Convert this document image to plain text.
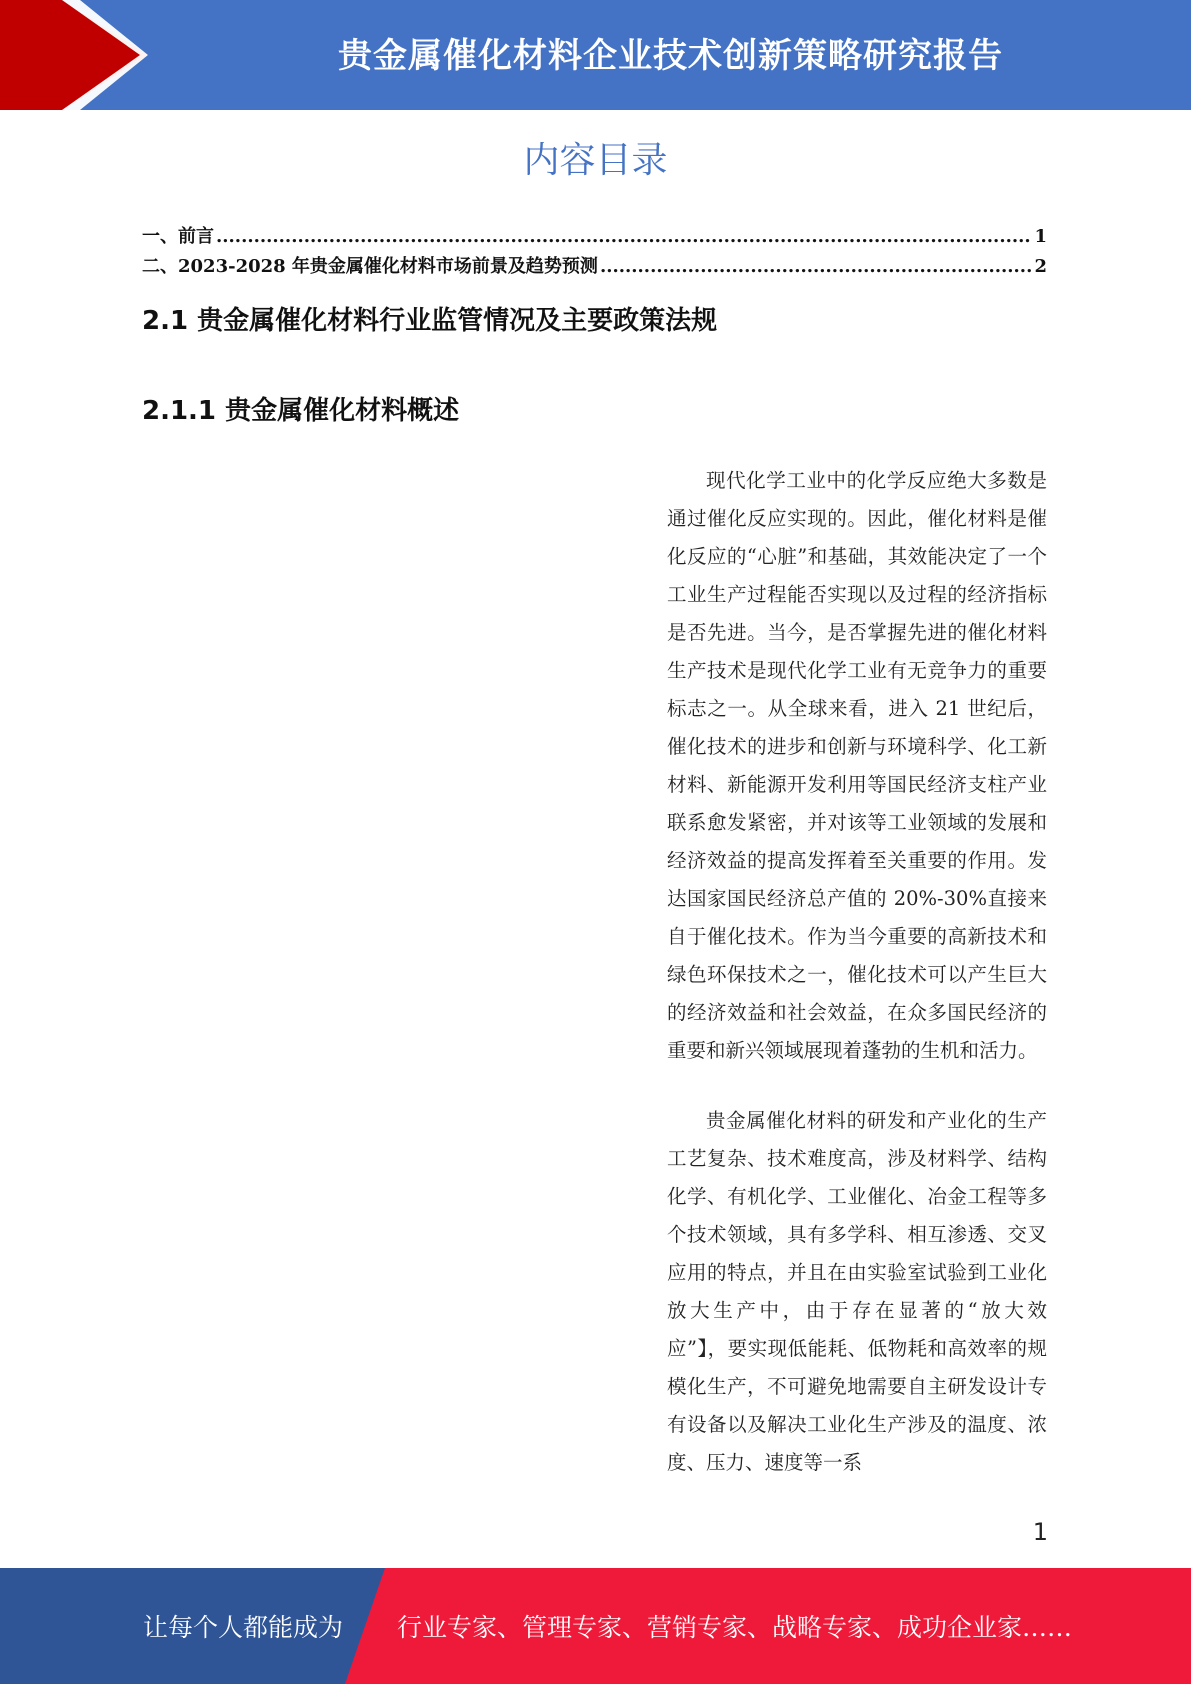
贵金属催化材料企业技术创新策略研究报告
内容目录
一、前言 .....	1
二、2023-2028 年贵金属催化材料市场前景及趋势预测 .....	2
2.1 贵金属催化材料行业监管情况及主要政策法规
2.1.1 贵金属催化材料概述

现代化学工业中的化学反应绝大多数是通过催化反应实现的。因此，催化材料是催化反应的“心脏”和基础，其效能决定了一个工业生产过程能否实现以及过程的经济指标是否先进。当今，是否掌握先进的催化材料生产技术是现代化学工业有无竞争力的重要标志之一。从全球来看，进入 21 世纪后，催化技术的进步和创新与环境科学、化工新材料、新能源开发利用等国民经济支柱产业联系愈发紧密，并对该等工业领域的发展和经济效益的提高发挥着至关重要的作用。发达国家国民经济总产值的 20%-30%直接来自于催化技术。作为当今重要的高新技术和绿色环保技术之一，催化技术可以产生巨大的经济效益和社会效益，在众多国民经济的重要和新兴领域展现着蓬勃的生机和活力。

贵金属催化材料的研发和产业化的生产工艺复杂、技术难度高，涉及材料学、结构化学、有机化学、工业催化、冶金工程等多个技术领域，具有多学科、相互渗透、交叉应用的特点，并且在由实验室试验到工业化放大生产中，由于存在显著的“放大效应”】，要实现低能耗、低物耗和高效率的规模化生产，不可避免地需要自主研发设计专有设备以及解决工业化生产涉及的温度、浓度、压力、速度等一系

1
让每个人都能成为 行业专家、管理专家、营销专家、战略专家、成功企业家……
